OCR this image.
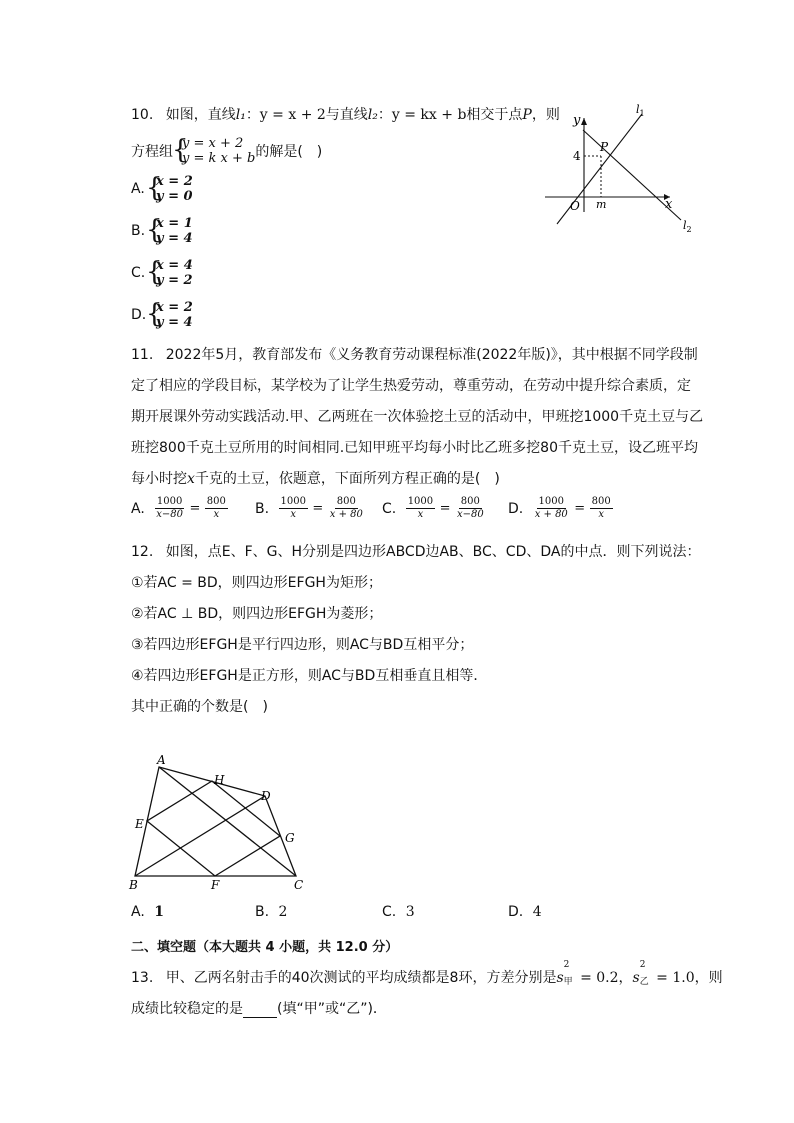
10. 如图，直线l₁：y = x + 2与直线l₂：y = kx + b相交于点P，则
方程组
{ y = x + 2
y = k x + b 的解是(　)
A. { x = 2
y = 0
B. { x = 1
y = 4
C. { x = 4
y = 2
D. { x = 2
y = 4
y
x
O
P
4
m
$l_1$
$l_2$
11. 2022年5月，教育部发布《义务教育劳动课程标准(2022年版)》，其中根据不同学段制
定了相应的学段目标，某学校为了让学生热爱劳动，尊重劳动，在劳动中提升综合素质，定
期开展课外劳动实践活动.甲、乙两班在一次体验挖土豆的活动中，甲班挖1000千克土豆与乙
班挖800千克土豆所用的时间相同.已知甲班平均每小时比乙班多挖80千克土豆，设乙班平均
每小时挖x千克的土豆，依题意，下面所列方程正确的是(　)
A. $\frac{1000}{x-80} = \frac{800}{x} B$. $\frac{1000}{x} = \frac{800}{x + 80} C$. $\frac{1000}{x} = \frac{800}{x-80} D$. $\frac{1000}{x + 80} = \frac{800}{x}$
12. 如图，点E、F、G、H分别是四边形ABCD边AB、BC、CD、DA的中点．则下列说法：
①若AC = BD，则四边形EFGH为矩形；
②若AC ⊥ BD，则四边形EFGH为菱形；
③若四边形EFGH是平行四边形，则AC与BD互相平分；
④若四边形EFGH是正方形，则AC与BD互相垂直且相等．
其中正确的个数是(　)
A
B	C
D
E
F
G
H
A. 1	B. 2	C. 3	D. 4
二、填空题（本大题共 4 小题，共 12.0 分）
13. 甲、乙两名射击手的40次测试的平均成绩都是8环，方差分别是s
2
甲 = 0.2，s
2
乙 = 1.0，则
成绩比较稳定的是 (填“甲”或“乙”)．
